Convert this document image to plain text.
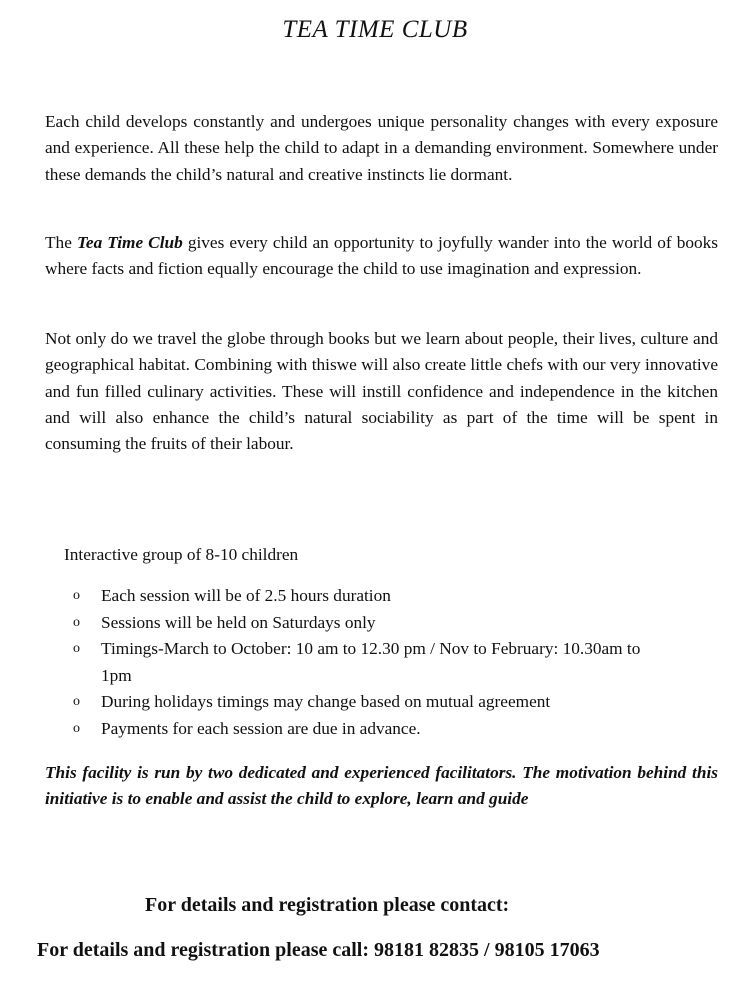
TEA TIME CLUB

Each child develops constantly and undergoes unique personality changes with every exposure and experience. All these help the child to adapt in a demanding environment. Somewhere under these demands the child’s natural and creative instincts lie dormant.

The Tea Time Club gives every child an opportunity to joyfully wander into the world of books where facts and fiction equally encourage the child to use imagination and expression.

Not only do we travel the globe through books but we learn about people, their lives, culture and geographical habitat. Combining with thiswe will also create little chefs with our very innovative and fun filled culinary activities. These will instill confidence and independence in the kitchen and will also enhance the child’s natural sociability as part of the time will be spent in consuming the fruits of their labour.

Interactive group of 8-10 children
o Each session will be of 2.5 hours duration
o Sessions will be held on Saturdays only
o Timings-March to October: 10 am to 12.30 pm / Nov to February: 10.30am to 1pm
o During holidays timings may change based on mutual agreement
o Payments for each session are due in advance.

This facility is run by two dedicated and experienced facilitators. The motivation behind this initiative is to enable and assist the child to explore, learn and guide

For details and registration please contact:
For details and registration please call: 98181 82835 / 98105 17063
